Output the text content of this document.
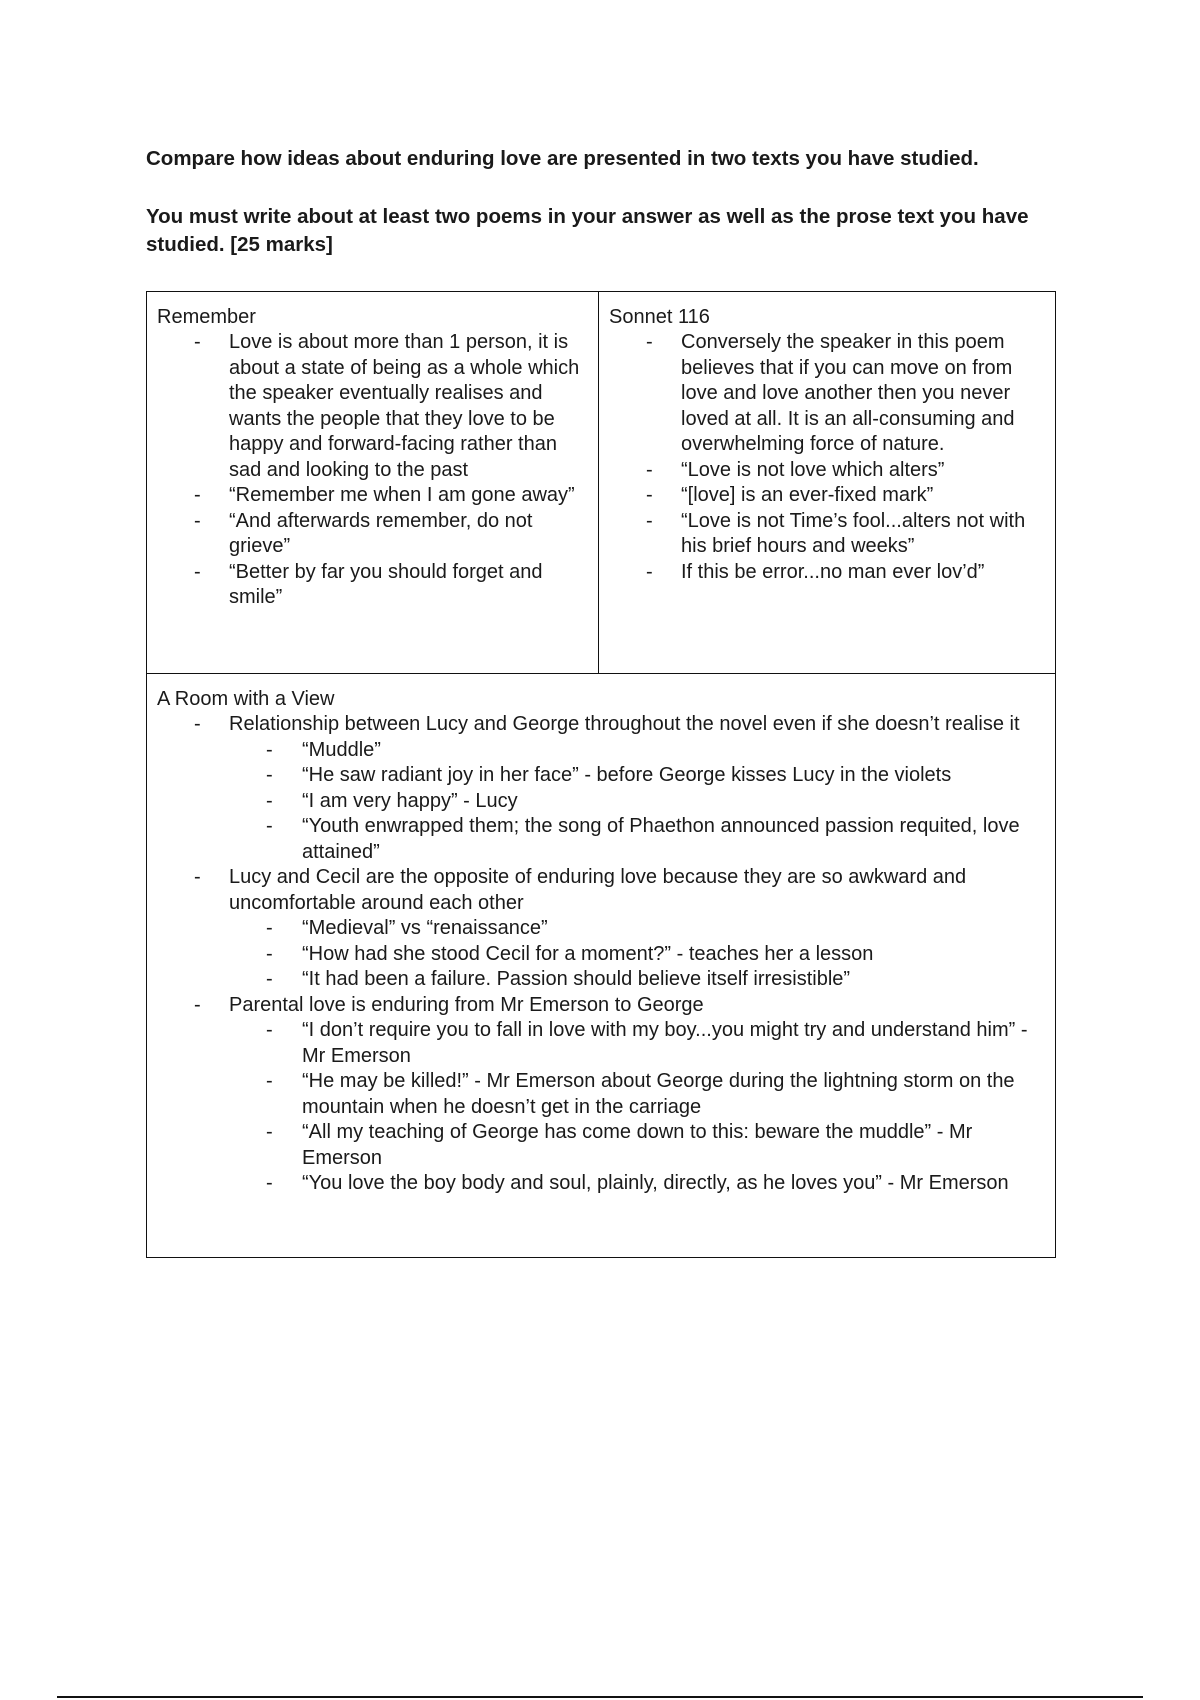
Compare how ideas about enduring love are presented in two texts you have studied.

You must write about at least two poems in your answer as well as the prose text you have studied. [25 marks]

Remember
- Love is about more than 1 person, it is about a state of being as a whole which the speaker eventually realises and wants the people that they love to be happy and forward-facing rather than sad and looking to the past
- “Remember me when I am gone away”
- “And afterwards remember, do not grieve”
- “Better by far you should forget and smile”
Sonnet 116
- Conversely the speaker in this poem believes that if you can move on from love and love another then you never loved at all. It is an all-consuming and overwhelming force of nature.
- “Love is not love which alters”
- “[love] is an ever-fixed mark”
- “Love is not Time’s fool...alters not with his brief hours and weeks”
- If this be error...no man ever lov’d”
A Room with a View
- Relationship between Lucy and George throughout the novel even if she doesn’t realise it
- “Muddle”
- “He saw radiant joy in her face” - before George kisses Lucy in the violets
- “I am very happy” - Lucy
- “Youth enwrapped them; the song of Phaethon announced passion requited, love attained”
- Lucy and Cecil are the opposite of enduring love because they are so awkward and uncomfortable around each other
- “Medieval” vs “renaissance”
- “How had she stood Cecil for a moment?” - teaches her a lesson
- “It had been a failure. Passion should believe itself irresistible”
- Parental love is enduring from Mr Emerson to George
- “I don’t require you to fall in love with my boy...you might try and understand him” - Mr Emerson
- “He may be killed!” - Mr Emerson about George during the lightning storm on the mountain when he doesn’t get in the carriage
- “All my teaching of George has come down to this: beware the muddle” - Mr Emerson
- “You love the boy body and soul, plainly, directly, as he loves you” - Mr Emerson
